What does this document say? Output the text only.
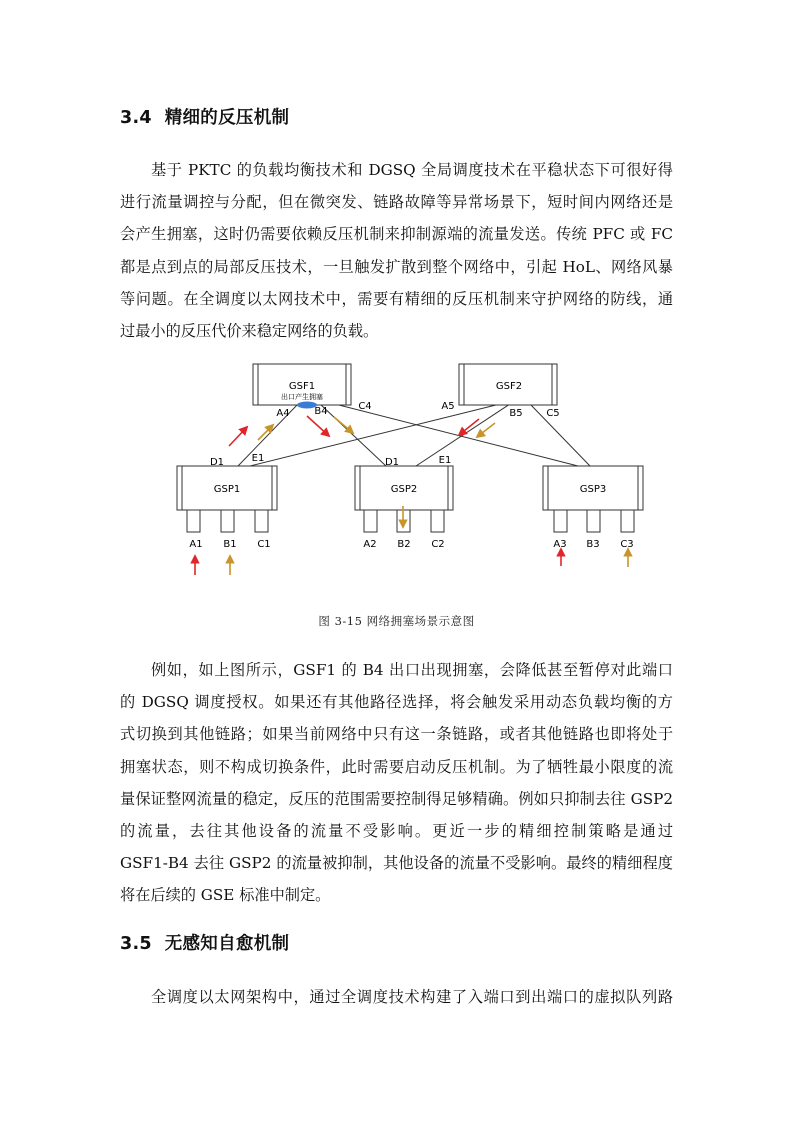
3.4 精细的反压机制
基于 PKTC 的负载均衡技术和 DGSQ 全局调度技术在平稳状态下可很好得
进行流量调控与分配，但在微突发、链路故障等异常场景下，短时间内网络还是
会产生拥塞，这时仍需要依赖反压机制来抑制源端的流量发送。传统 PFC 或 FC
都是点到点的局部反压技术，一旦触发扩散到整个网络中，引起 HoL、网络风暴
等问题。在全调度以太网技术中，需要有精细的反压机制来守护网络的防线，通
过最小的反压代价来稳定网络的负载。
GSF1
出口产生拥塞
A4 B4	C4
GSF2
A5
B5 C5
GSP1
D1	E1
GSP2
D1	E1
GSP3
A1 B1 C1	A2 B2 C2	A3 B3 C3
图 3-15 网络拥塞场景示意图
例如，如上图所示，GSF1 的 B4 出口出现拥塞，会降低甚至暂停对此端口
的 DGSQ 调度授权。如果还有其他路径选择，将会触发采用动态负载均衡的方
式切换到其他链路；如果当前网络中只有这一条链路，或者其他链路也即将处于
拥塞状态，则不构成切换条件，此时需要启动反压机制。为了牺牲最小限度的流
量保证整网流量的稳定，反压的范围需要控制得足够精确。例如只抑制去往 GSP2
的流量，去往其他设备的流量不受影响。更近一步的精细控制策略是通过
GSF1-B4 去往 GSP2 的流量被抑制，其他设备的流量不受影响。最终的精细程度
将在后续的 GSE 标准中制定。
3.5 无感知自愈机制
全调度以太网架构中，通过全调度技术构建了入端口到出端口的虚拟队列路
